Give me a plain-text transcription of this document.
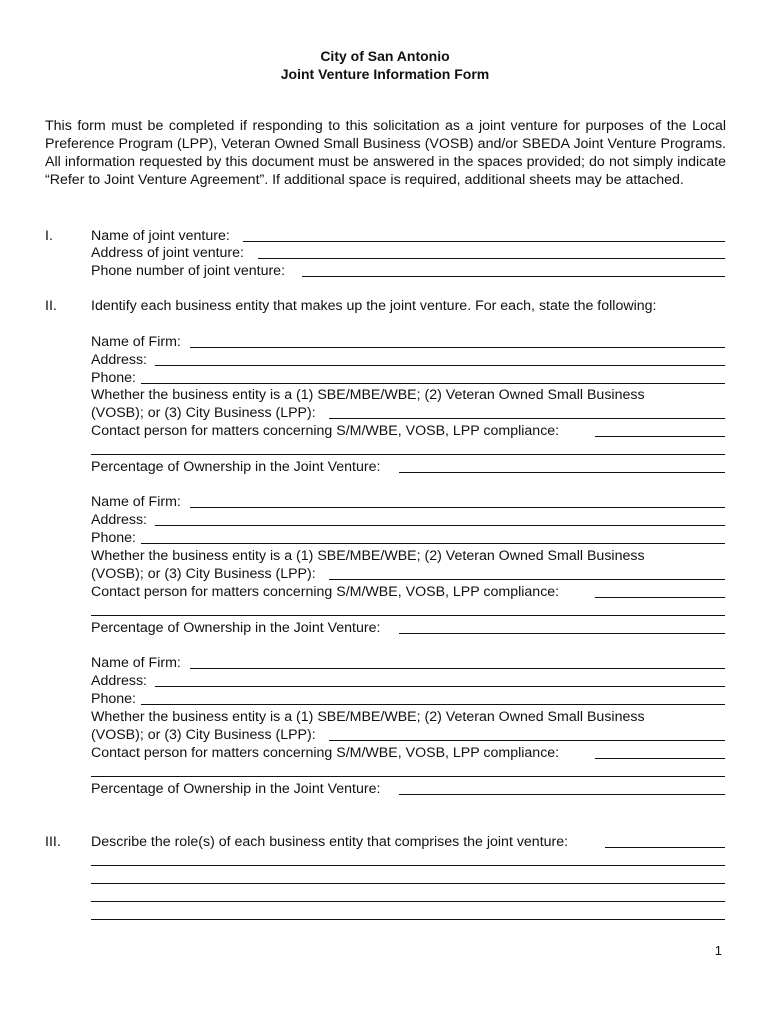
City of San Antonio
Joint Venture Information Form
This form must be completed if responding to this solicitation as a joint venture for purposes of the Local Preference Program (LPP), Veteran Owned Small Business (VOSB) and/or SBEDA Joint Venture Programs. All information requested by this document must be answered in the spaces provided; do not simply indicate “Refer to Joint Venture Agreement”. If additional space is required, additional sheets may be attached.
I.	Name of joint venture:
Address of joint venture:
Phone number of joint venture:
II. Identify each business entity that makes up the joint venture. For each, state the following:
Name of Firm:
Address:
Phone:
Whether the business entity is a (1) SBE/MBE/WBE; (2) Veteran Owned Small Business
(VOSB); or (3) City Business (LPP):
Contact person for matters concerning S/M/WBE, VOSB, LPP compliance:
Percentage of Ownership in the Joint Venture:
Name of Firm:
Address:
Phone:
Whether the business entity is a (1) SBE/MBE/WBE; (2) Veteran Owned Small Business
(VOSB); or (3) City Business (LPP):
Contact person for matters concerning S/M/WBE, VOSB, LPP compliance:
Percentage of Ownership in the Joint Venture:
Name of Firm:
Address:
Phone:
Whether the business entity is a (1) SBE/MBE/WBE; (2) Veteran Owned Small Business
(VOSB); or (3) City Business (LPP):
Contact person for matters concerning S/M/WBE, VOSB, LPP compliance:
Percentage of Ownership in the Joint Venture:
III. Describe the role(s) of each business entity that comprises the joint venture:
1
